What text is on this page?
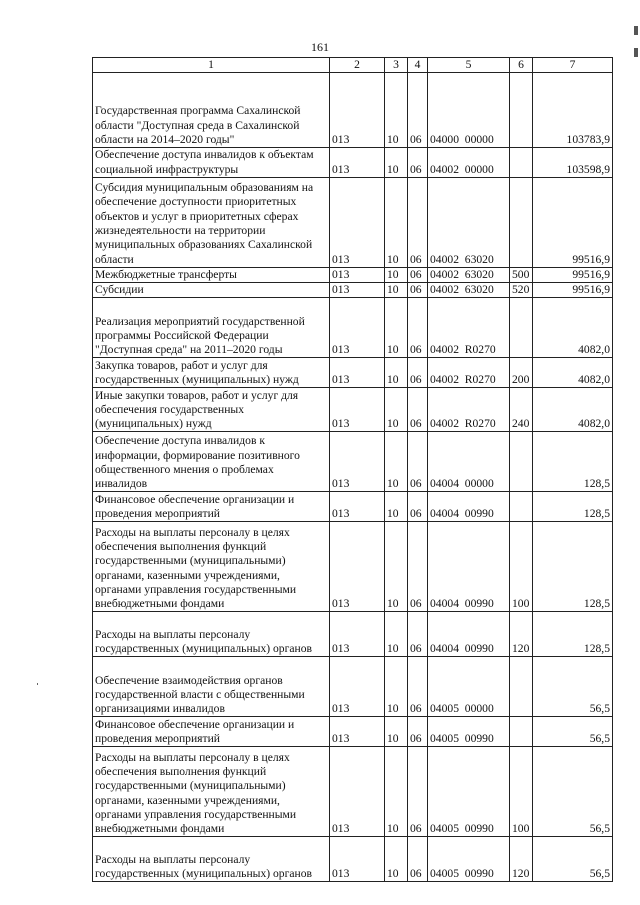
161
1	2	3	4	5	6	7
Государственная программа Сахалинской области "Доступная среда в Сахалинской области на 2014–2020 годы"	013	10	06	04000  00000		103783,9
Обеспечение доступа инвалидов к объектам социальной инфраструктуры	013	10	06	04002  00000		103598,9
Субсидия муниципальным образованиям на обеспечение доступности приоритетных объектов и услуг в приоритетных сферах жизнедеятельности на территории муниципальных образованиях Сахалинской области	013	10	06	04002  63020		99516,9
Межбюджетные трансферты	013	10	06	04002  63020	500	99516,9
Субсидии	013	10	06	04002  63020	520	99516,9
Реализация мероприятий государственной программы Российской Федерации "Доступная среда" на 2011–2020 годы	013	10	06	04002  R0270		4082,0
Закупка товаров, работ и услуг для государственных (муниципальных) нужд	013	10	06	04002  R0270	200	4082,0
Иные закупки товаров, работ и услуг для обеспечения государственных (муниципальных) нужд	013	10	06	04002  R0270	240	4082,0
Обеспечение доступа инвалидов к информации, формирование позитивного общественного мнения о проблемах инвалидов	013	10	06	04004  00000		128,5
Финансовое обеспечение организации и проведения мероприятий	013	10	06	04004  00990		128,5
Расходы на выплаты персоналу в целях обеспечения выполнения функций государственными (муниципальными) органами, казенными учреждениями, органами управления государственными внебюджетными фондами	013	10	06	04004  00990	100	128,5
Расходы на выплаты персоналу государственных (муниципальных) органов	013	10	06	04004  00990	120	128,5
Обеспечение взаимодействия органов государственной власти с общественными организациями инвалидов	013	10	06	04005  00000		56,5
Финансовое обеспечение организации и проведения мероприятий	013	10	06	04005  00990		56,5
Расходы на выплаты персоналу в целях обеспечения выполнения функций государственными (муниципальными) органами, казенными учреждениями, органами управления государственными внебюджетными фондами	013	10	06	04005  00990	100	56,5
Расходы на выплаты персоналу государственных (муниципальных) органов	013	10	06	04005  00990	120	56,5
